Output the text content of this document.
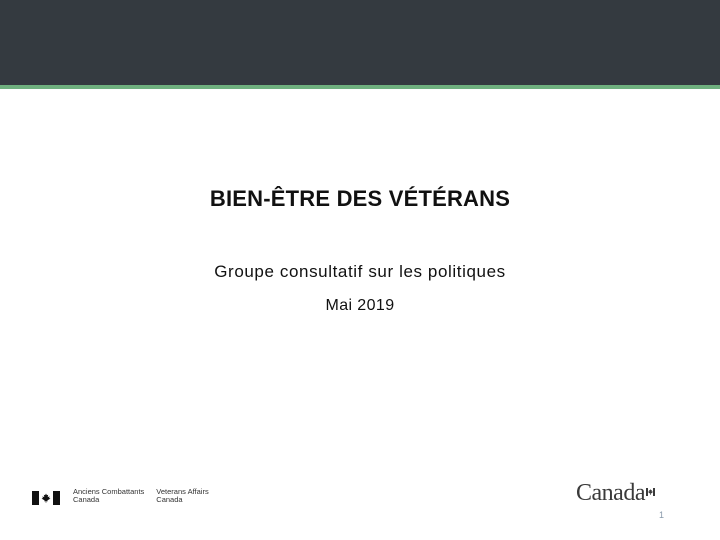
BIEN-ÊTRE DES VÉTÉRANS
Groupe consultatif sur les politiques
Mai 2019
Anciens Combattants
Canada
Veterans Affairs
Canada	Canada
1
